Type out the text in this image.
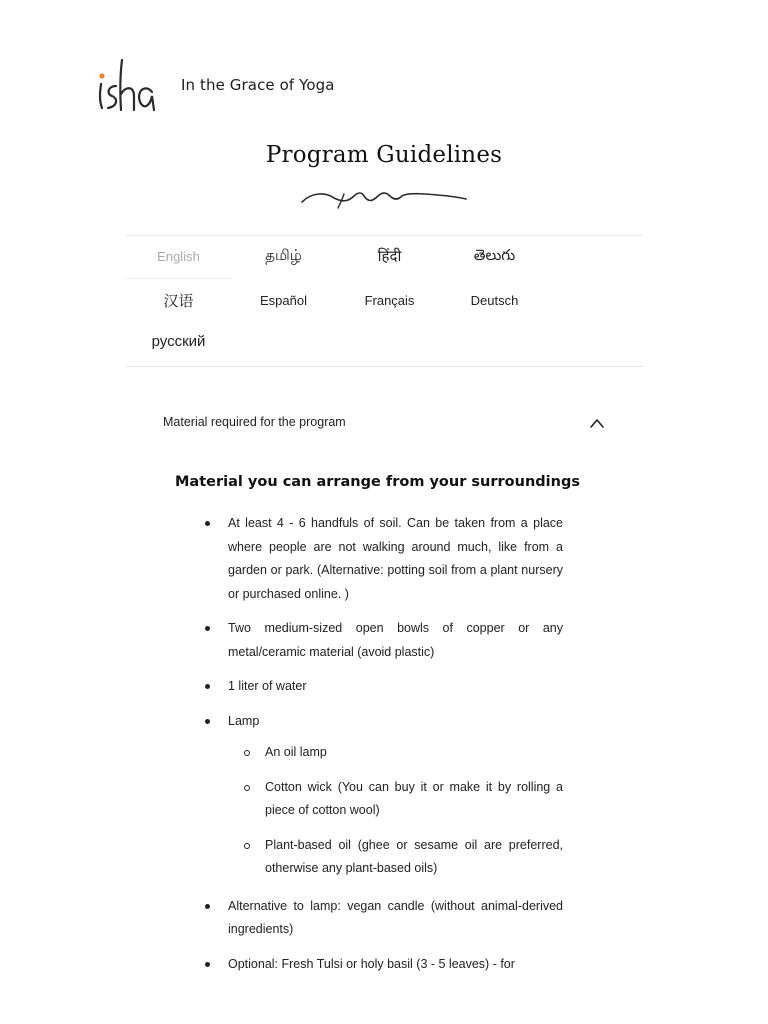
In the Grace of Yoga
Program Guidelines
English	தமிழ்	हिंदी	తెలుగు
汉语	Español	Français	Deutsch
русский
Material required for the program
Material you can arrange from your surroundings
At least 4 - 6 handfuls of soil. Can be taken from a place where people are not walking around much, like from a garden or park. (Alternative: potting soil from a plant nursery or purchased online. )
Two medium-sized open bowls of copper or any metal/ceramic material (avoid plastic)
1 liter of water
Lamp
An oil lamp
Cotton wick (You can buy it or make it by rolling a piece of cotton wool)
Plant-based oil (ghee or sesame oil are preferred, otherwise any plant-based oils)
Alternative to lamp: vegan candle (without animal-derived ingredients)
Optional: Fresh Tulsi or holy basil (3 - 5 leaves) - for
